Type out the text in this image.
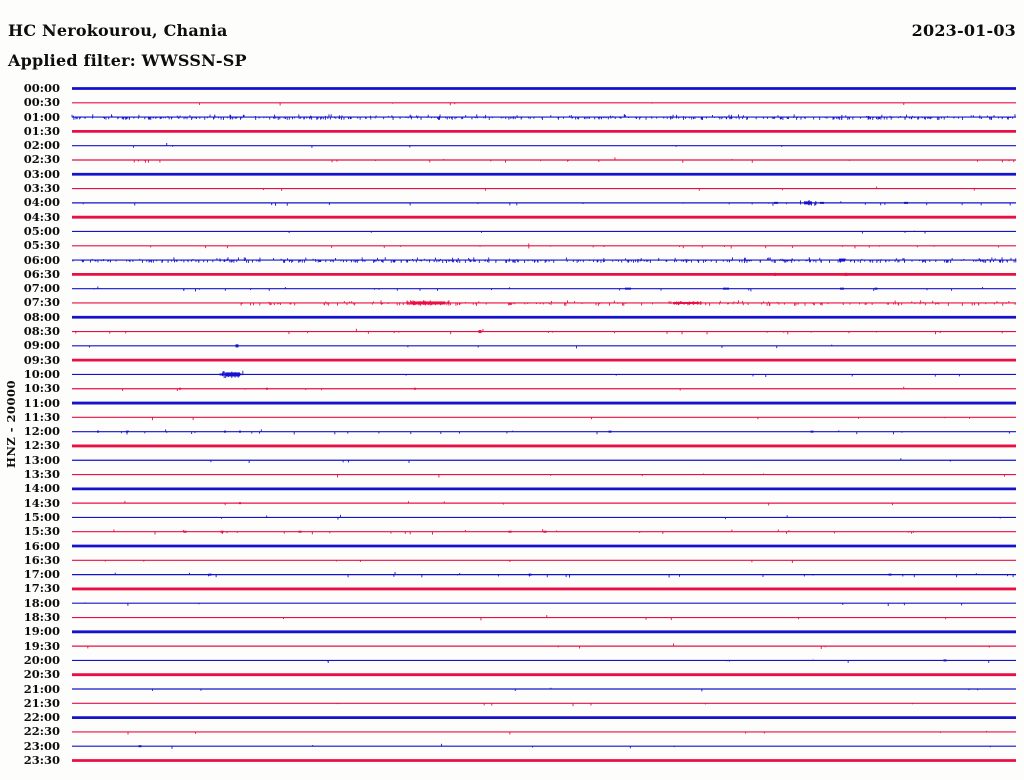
HC Nerokourou, Chania
Applied filter: WWSSN-SP
2023-01-03
HNZ - 20000
00:00
00:30
01:00
01:30
02:00
02:30
03:00
03:30
04:00
04:30
05:00
05:30
06:00
06:30
07:00
07:30
08:00
08:30
09:00
09:30
10:00
10:30
11:00
11:30
12:00
12:30
13:00
13:30
14:00
14:30
15:00
15:30
16:00
16:30
17:00
17:30
18:00
18:30
19:00
19:30
20:00
20:30
21:00
21:30
22:00
22:30
23:00
23:30
